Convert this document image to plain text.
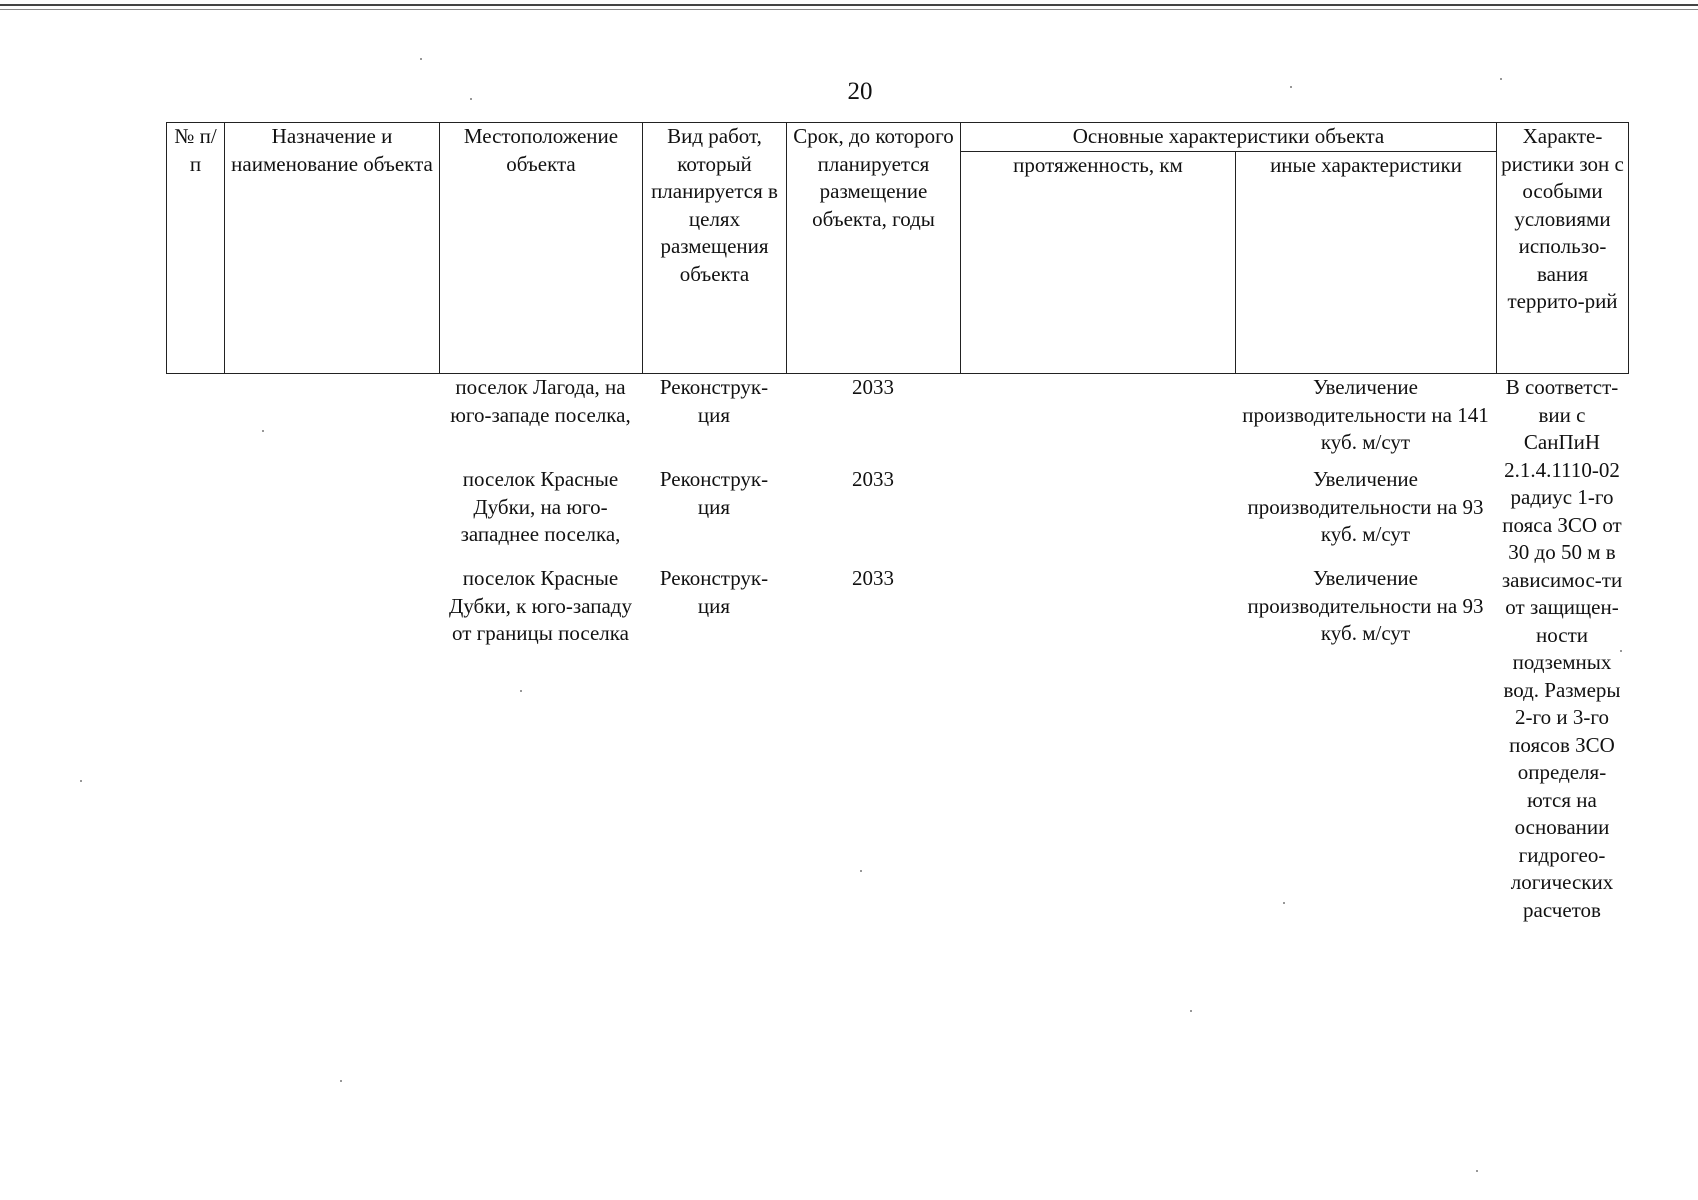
20
№ п/п	Назначение и наименование объекта	Местоположение объекта	Вид работ, который планируется в целях размещения объекта	Срок, до которого планируется размещение объекта, годы	Основные характеристики объекта		Характе-ристики зон с особыми условиями использо-вания террито-рий
					протяженность, км	иные характеристики	
		поселок Лагода, на юго-западе поселка,	Реконструк-ция	2033		Увеличение производительности на 141 куб. м/сут	В соответст-вии с СанПиН 2.1.4.1110-02 радиус 1-го пояса ЗСО от 30 до 50 м в зависимос-ти от защищен-ности подземных вод. Размеры 2-го и 3-го поясов ЗСО определя-ются на основании гидрогео-логических расчетов
		поселок Красные Дубки, на юго-западнее поселка,	Реконструк-ция	2033		Увеличение производительности на 93 куб. м/сут	
		поселок Красные Дубки, к юго-западу от границы поселка	Реконструк-ция	2033		Увеличение производительности на 93 куб. м/сут	
